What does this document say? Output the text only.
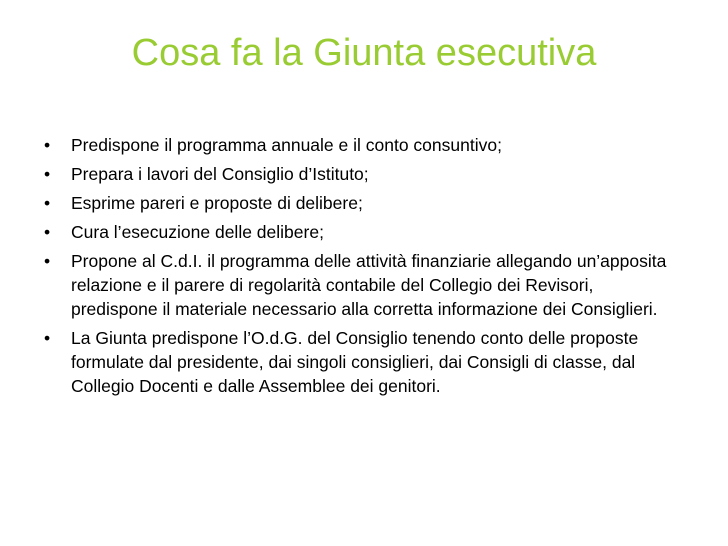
Cosa fa la Giunta esecutiva
• Predispone il programma annuale e il conto consuntivo;
• Prepara i lavori del Consiglio d’Istituto;
• Esprime pareri e proposte di delibere;
• Cura l’esecuzione delle delibere;
• Propone al C.d.I. il programma delle attività finanziarie allegando un’apposita relazione e il parere di regolarità contabile del Collegio dei Revisori, predispone il materiale necessario alla corretta informazione dei Consiglieri.
• La Giunta predispone l’O.d.G. del Consiglio tenendo conto delle proposte formulate dal presidente, dai singoli consiglieri, dai Consigli di classe, dal Collegio Docenti e dalle Assemblee dei genitori.
